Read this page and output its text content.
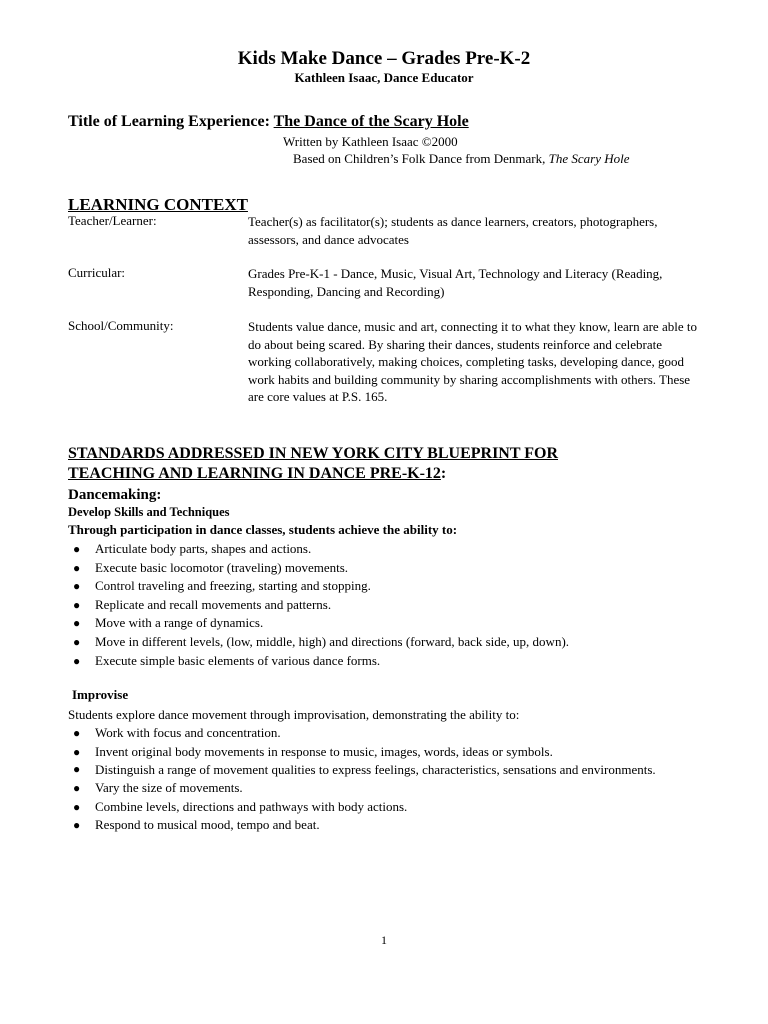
Kids Make Dance – Grades Pre-K-2
Kathleen Isaac, Dance Educator
Title of Learning Experience: The Dance of the Scary Hole
Written by Kathleen Isaac ©2000
Based on Children’s Folk Dance from Denmark, The Scary Hole
LEARNING CONTEXT
Teacher/Learner:	Teacher(s) as facilitator(s); students as dance learners, creators, photographers, assessors, and dance advocates
Curricular:	Grades Pre-K-1 - Dance, Music, Visual Art, Technology and Literacy (Reading, Responding, Dancing and Recording)
School/Community:	Students value dance, music and art, connecting it to what they know, learn are able to do about being scared. By sharing their dances, students reinforce and celebrate working collaboratively, making choices, completing tasks, developing dance, good work habits and building community by sharing accomplishments with others. These are core values at P.S. 165.
STANDARDS ADDRESSED IN NEW YORK CITY BLUEPRINT FOR
TEACHING AND LEARNING IN DANCE PRE-K-12:
Dancemaking:
Develop Skills and Techniques
Through participation in dance classes, students achieve the ability to:
● Articulate body parts, shapes and actions.
● Execute basic locomotor (traveling) movements.
● Control traveling and freezing, starting and stopping.
● Replicate and recall movements and patterns.
● Move with a range of dynamics.
● Move in different levels, (low, middle, high) and directions (forward, back side, up, down).
● Execute simple basic elements of various dance forms.
Improvise
Students explore dance movement through improvisation, demonstrating the ability to:
● Work with focus and concentration.
● Invent original body movements in response to music, images, words, ideas or symbols.
● Distinguish a range of movement qualities to express feelings, characteristics, sensations and environments.
● Vary the size of movements.
● Combine levels, directions and pathways with body actions.
● Respond to musical mood, tempo and beat.
1
